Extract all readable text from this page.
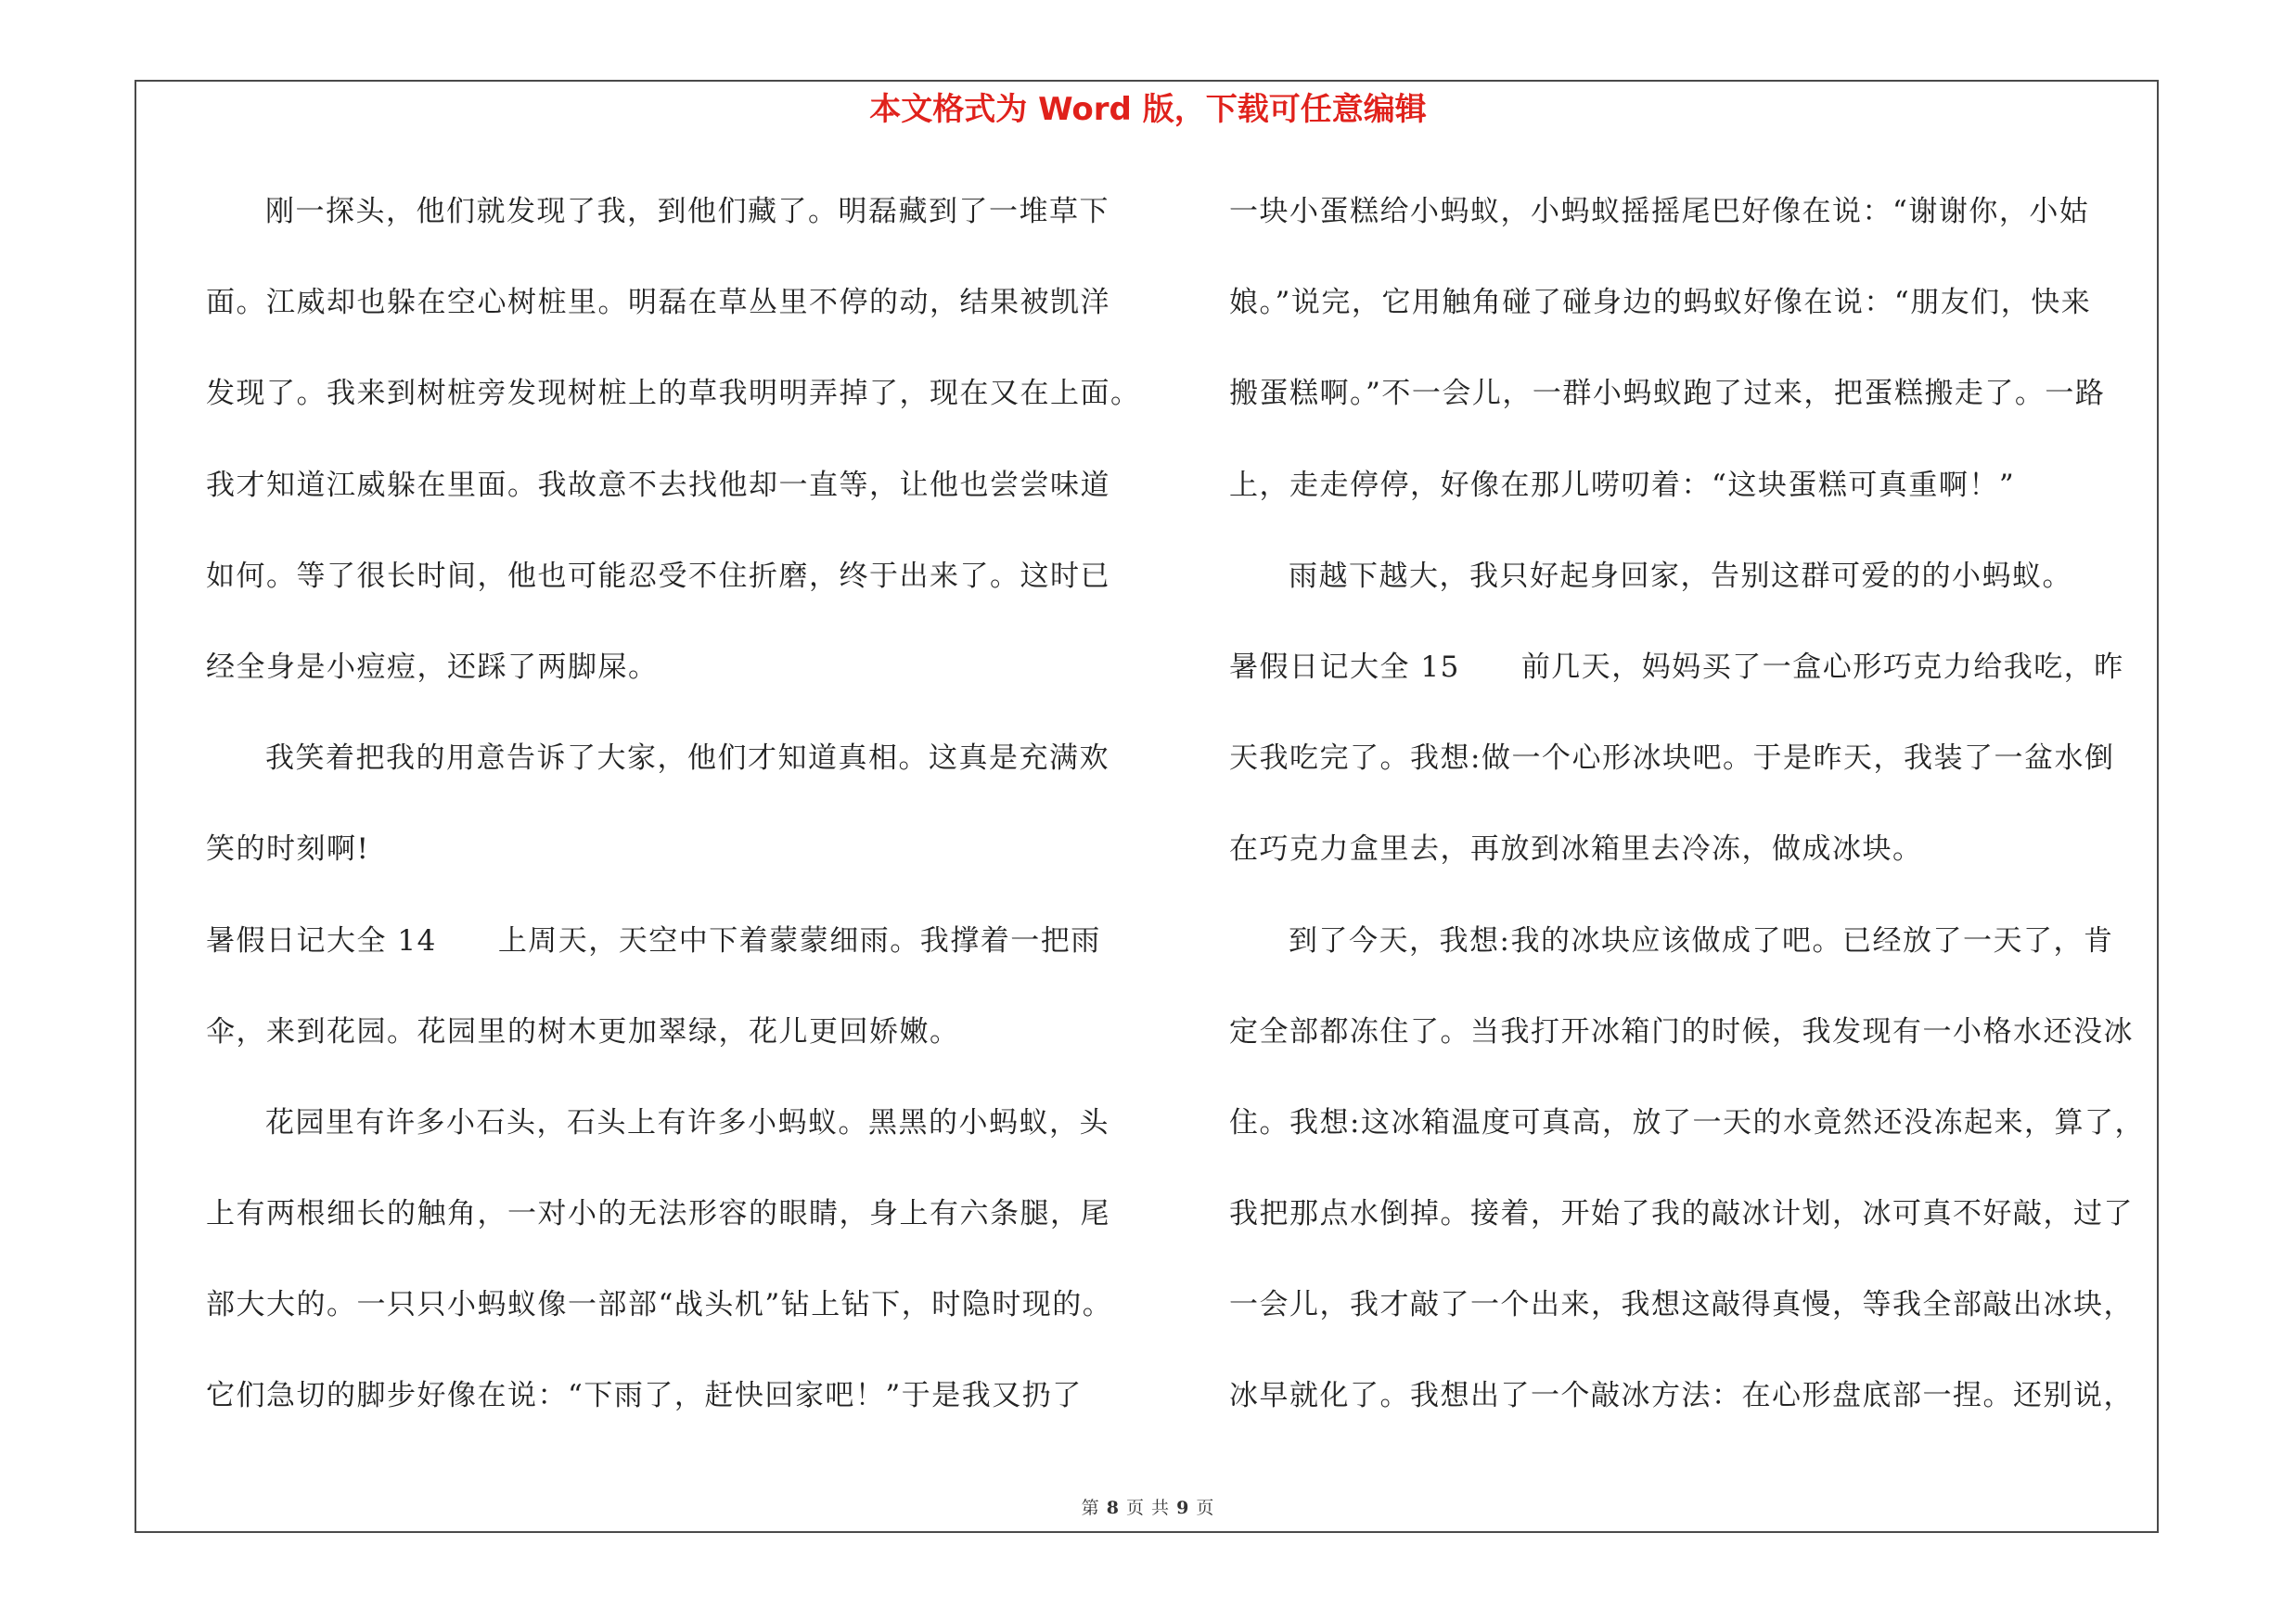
本文格式为 Word 版，下载可任意编辑
刚一探头，他们就发现了我，到他们藏了。明磊藏到了一堆草下
面。江威却也躲在空心树桩里。明磊在草丛里不停的动，结果被凯洋
发现了。我来到树桩旁发现树桩上的草我明明弄掉了，现在又在上面。
我才知道江威躲在里面。我故意不去找他却一直等，让他也尝尝味道
如何。等了很长时间，他也可能忍受不住折磨，终于出来了。这时已
经全身是小痘痘，还踩了两脚屎。
我笑着把我的用意告诉了大家，他们才知道真相。这真是充满欢
笑的时刻啊!
暑假日记大全 14 上周天，天空中下着蒙蒙细雨。我撑着一把雨
伞，来到花园。花园里的树木更加翠绿，花儿更回娇嫩。
花园里有许多小石头，石头上有许多小蚂蚁。黑黑的小蚂蚁，头
上有两根细长的触角，一对小的无法形容的眼睛，身上有六条腿，尾
部大大的。一只只小蚂蚁像一部部“战头机”钻上钻下，时隐时现的。
它们急切的脚步好像在说：“下雨了，赶快回家吧！”于是我又扔了
一块小蛋糕给小蚂蚁，小蚂蚁摇摇尾巴好像在说：“谢谢你，小姑
娘。”说完，它用触角碰了碰身边的蚂蚁好像在说：“朋友们，快来
搬蛋糕啊。”不一会儿，一群小蚂蚁跑了过来，把蛋糕搬走了。一路
上，走走停停，好像在那儿唠叨着：“这块蛋糕可真重啊！”
雨越下越大，我只好起身回家，告别这群可爱的的小蚂蚁。
暑假日记大全 15 前几天，妈妈买了一盒心形巧克力给我吃，昨
天我吃完了。我想:做一个心形冰块吧。于是昨天，我装了一盆水倒
在巧克力盒里去，再放到冰箱里去冷冻，做成冰块。
到了今天，我想:我的冰块应该做成了吧。已经放了一天了，肯
定全部都冻住了。当我打开冰箱门的时候，我发现有一小格水还没冰
住。我想:这冰箱温度可真高，放了一天的水竟然还没冻起来，算了，
我把那点水倒掉。接着，开始了我的敲冰计划，冰可真不好敲，过了
一会儿，我才敲了一个出来，我想这敲得真慢，等我全部敲出冰块，
冰早就化了。我想出了一个敲冰方法：在心形盘底部一捏。还别说，
第 8 页 共 9 页
